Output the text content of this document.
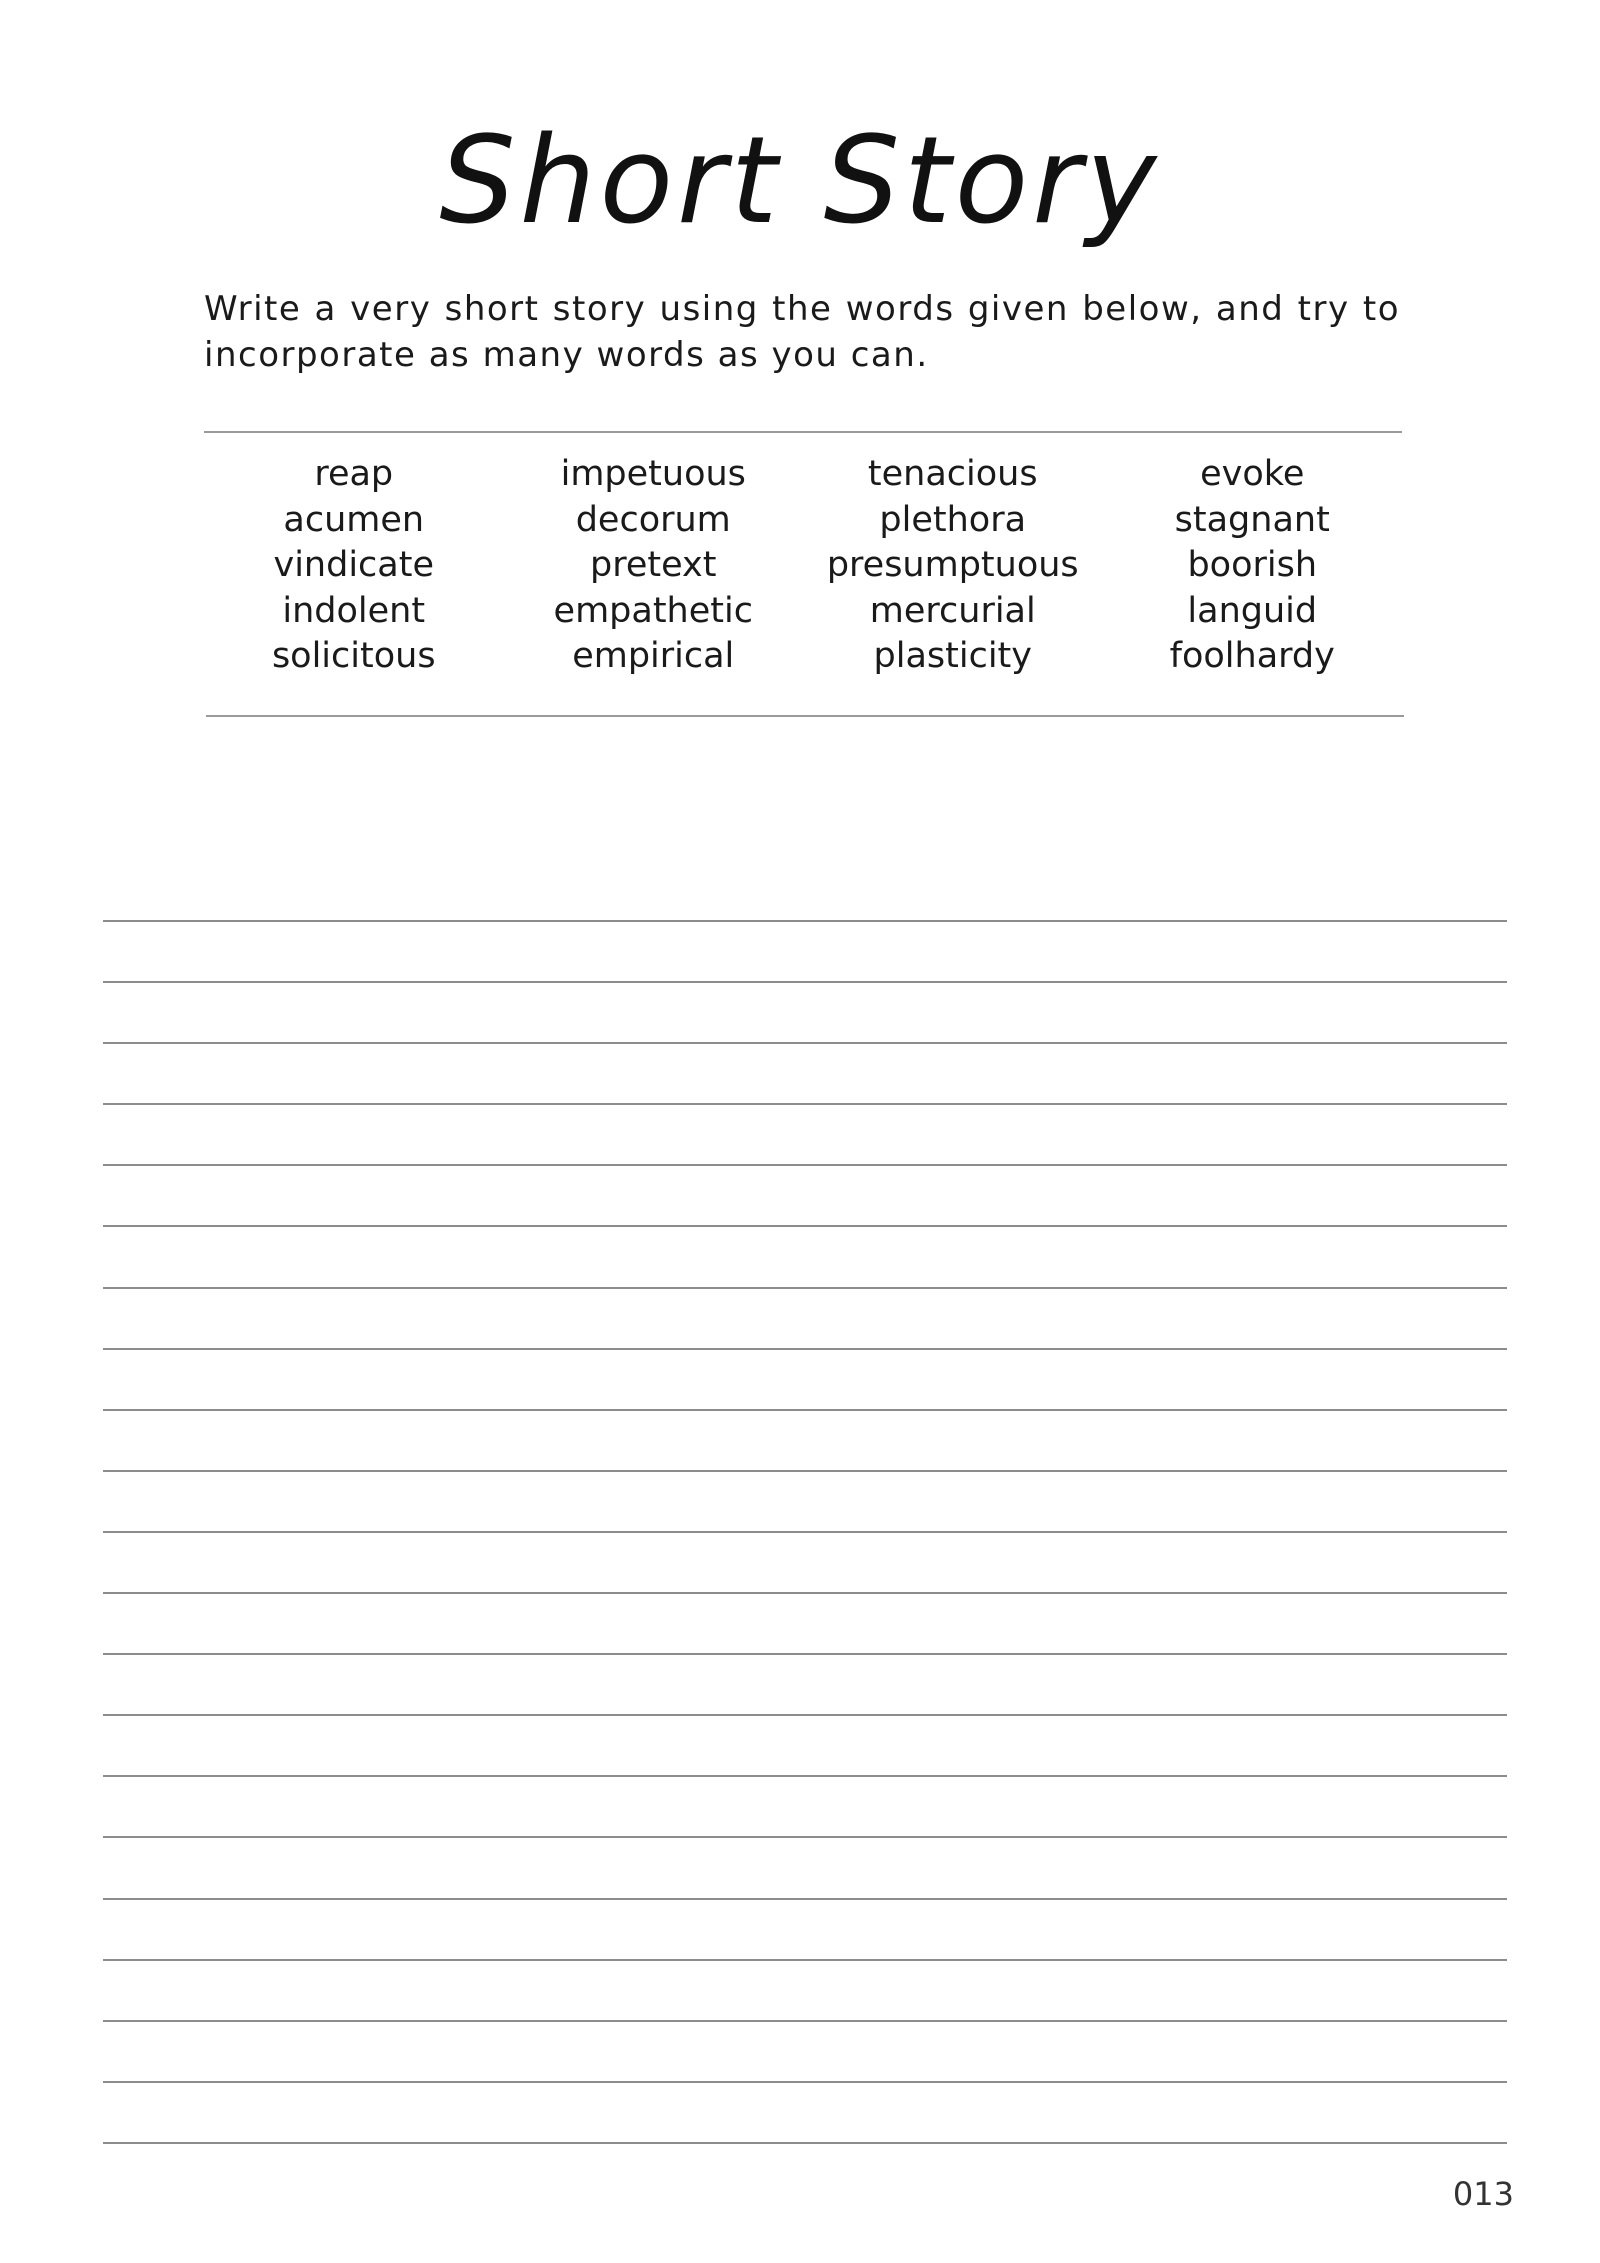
Short Story
Write a very short story using the words given below, and try to incorporate as many words as you can.
reap
acumen
vindicate
indolent
solicitous
impetuous
decorum
pretext
empathetic
empirical
tenacious
plethora
presumptuous
mercurial
plasticity
evoke
stagnant
boorish
languid
foolhardy
013
